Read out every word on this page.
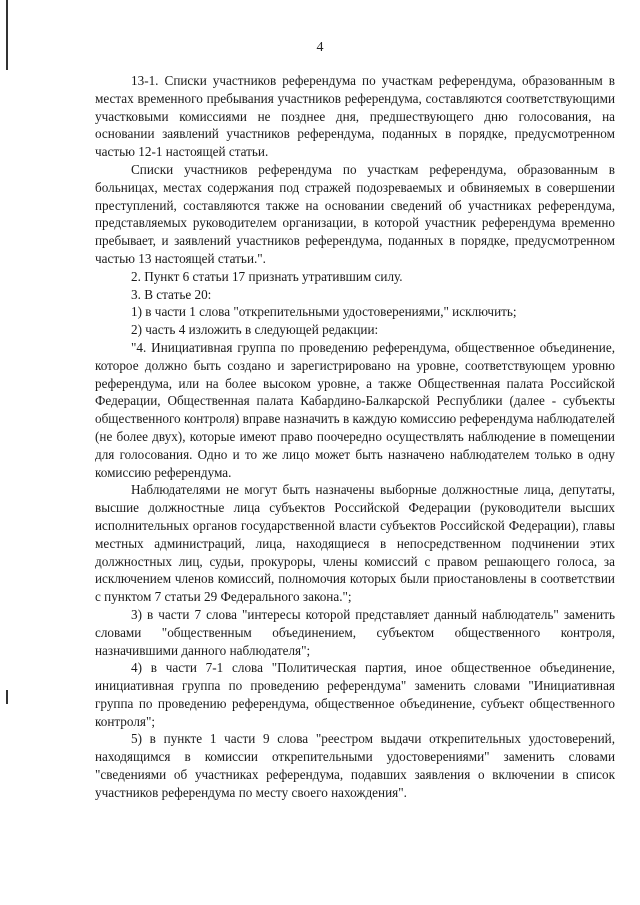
4

13-1. Списки участников референдума по участкам референдума, образованным в местах временного пребывания участников референдума, составляются соответствующими участковыми комиссиями не позднее дня, предшествующего дню голосования, на основании заявлений участников референдума, поданных в порядке, предусмотренном частью 12-1 настоящей статьи.

Списки участников референдума по участкам референдума, образованным в больницах, местах содержания под стражей подозреваемых и обвиняемых в совершении преступлений, составляются также на основании сведений об участниках референдума, представляемых руководителем организации, в которой участник референдума временно пребывает, и заявлений участников референдума, поданных в порядке, предусмотренном частью 13 настоящей статьи.".

2. Пункт 6 статьи 17 признать утратившим силу.

3. В статье 20:

1) в части 1 слова "открепительными удостоверениями," исключить;

2) часть 4 изложить в следующей редакции:

"4. Инициативная группа по проведению референдума, общественное объединение, которое должно быть создано и зарегистрировано на уровне, соответствующем уровню референдума, или на более высоком уровне, а также Общественная палата Российской Федерации, Общественная палата Кабардино-Балкарской Республики (далее - субъекты общественного контроля) вправе назначить в каждую комиссию референдума наблюдателей (не более двух), которые имеют право поочередно осуществлять наблюдение в помещении для голосования. Одно и то же лицо может быть назначено наблюдателем только в одну комиссию референдума.

Наблюдателями не могут быть назначены выборные должностные лица, депутаты, высшие должностные лица субъектов Российской Федерации (руководители высших исполнительных органов государственной власти субъектов Российской Федерации), главы местных администраций, лица, находящиеся в непосредственном подчинении этих должностных лиц, судьи, прокуроры, члены комиссий с правом решающего голоса, за исключением членов комиссий, полномочия которых были приостановлены в соответствии с пунктом 7 статьи 29 Федерального закона.";

3) в части 7 слова "интересы которой представляет данный наблюдатель" заменить словами "общественным объединением, субъектом общественного контроля, назначившими данного наблюдателя";

4) в части 7-1 слова "Политическая партия, иное общественное объединение, инициативная группа по проведению референдума" заменить словами "Инициативная группа по проведению референдума, общественное объединение, субъект общественного контроля";

5) в пункте 1 части 9 слова "реестром выдачи открепительных удостоверений, находящимся в комиссии открепительными удостоверениями" заменить словами "сведениями об участниках референдума, подавших заявления о включении в список участников референдума по месту своего нахождения".
